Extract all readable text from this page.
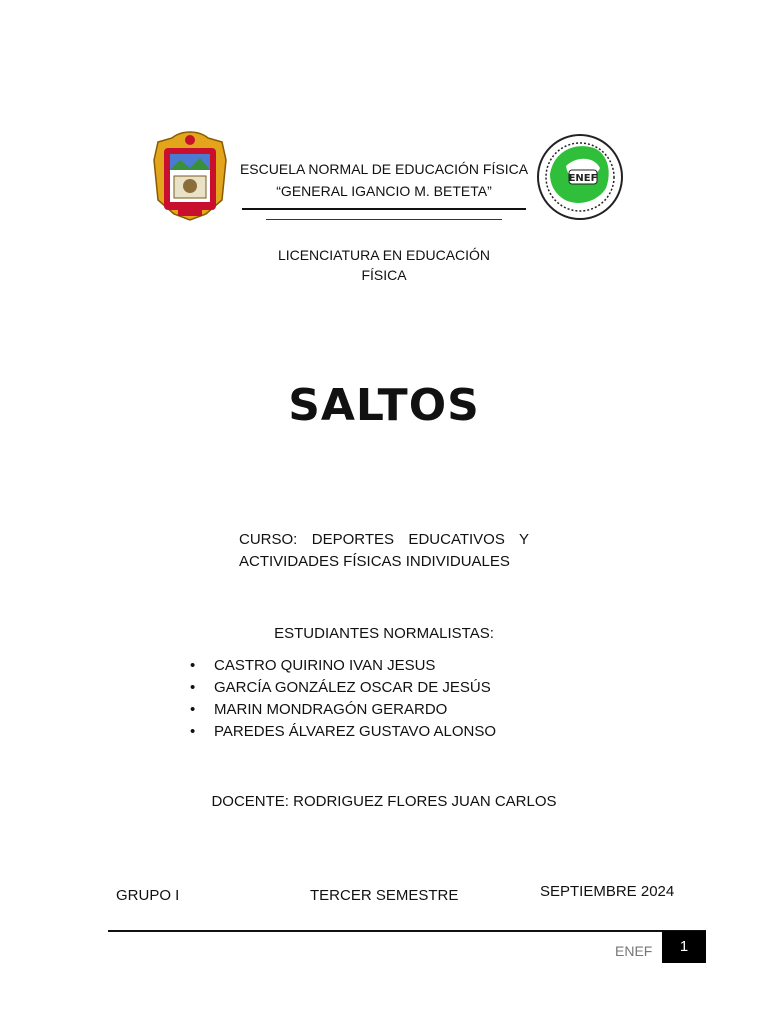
ESCUELA NORMAL DE EDUCACIÓN FÍSICA
“GENERAL IGANCIO M. BETETA”
ENEF
LICENCIATURA EN EDUCACIÓN
FÍSICA
SALTOS
CURSO: DEPORTES EDUCATIVOS Y
ACTIVIDADES FÍSICAS INDIVIDUALES
ESTUDIANTES NORMALISTAS:
• CASTRO QUIRINO IVAN JESUS
• GARCÍA GONZÁLEZ OSCAR DE JESÚS
• MARIN MONDRAGÓN GERARDO
• PAREDES ÁLVAREZ GUSTAVO ALONSO
DOCENTE: RODRIGUEZ FLORES JUAN CARLOS
GRUPO I	TERCER SEMESTRE	SEPTIEMBRE 2024
ENEF	1
